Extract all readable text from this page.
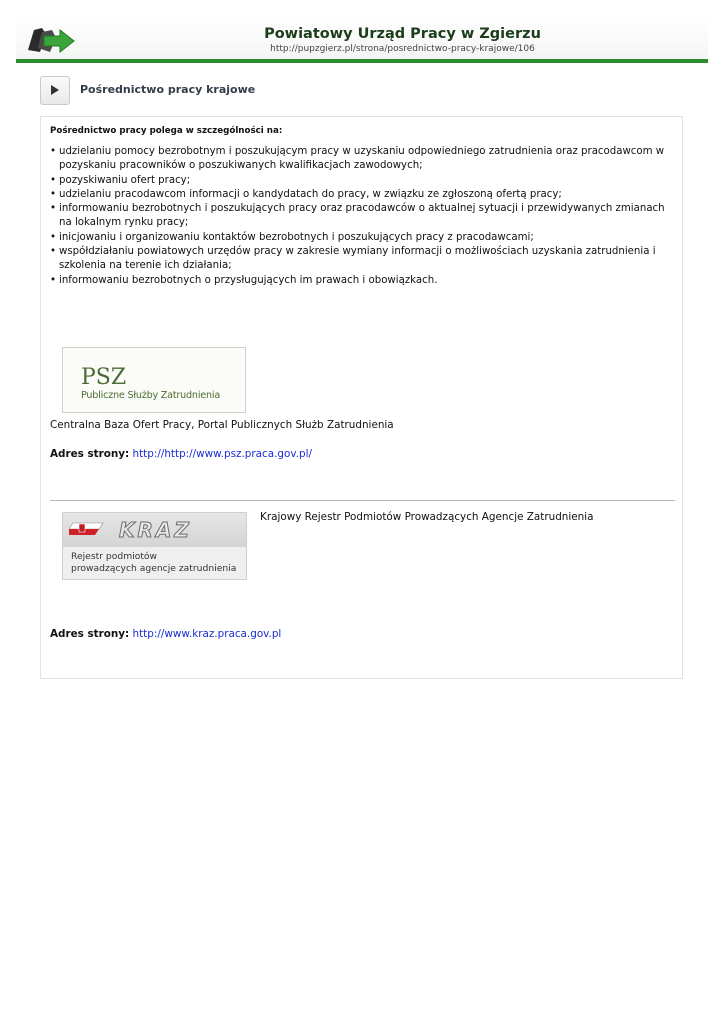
Powiatowy Urząd Pracy w Zgierzu
http://pupzgierz.pl/strona/posrednictwo-pracy-krajowe/106
Pośrednictwo pracy krajowe
Pośrednictwo pracy polega w szczególności na:
• udzielaniu pomocy bezrobotnym i poszukującym pracy w uzyskaniu odpowiedniego zatrudnienia oraz pracodawcom w pozyskaniu pracowników o poszukiwanych kwalifikacjach zawodowych;
• pozyskiwaniu ofert pracy;
• udzielaniu pracodawcom informacji o kandydatach do pracy, w związku ze zgłoszoną ofertą pracy;
• informowaniu bezrobotnych i poszukujących pracy oraz pracodawców o aktualnej sytuacji i przewidywanych zmianach na lokalnym rynku pracy;
• inicjowaniu i organizowaniu kontaktów bezrobotnych i poszukujących pracy z pracodawcami;
• współdziałaniu powiatowych urzędów pracy w zakresie wymiany informacji o możliwościach uzyskania zatrudnienia i szkolenia na terenie ich działania;
• informowaniu bezrobotnych o przysługujących im prawach i obowiązkach.
PSZ
Publiczne Służby Zatrudnienia
Centralna Baza Ofert Pracy, Portal Publicznych Służb Zatrudnienia
Adres strony: http://http://www.psz.praca.gov.pl/
KRAZ
Rejestr podmiotów
prowadzących agencje zatrudnienia
Krajowy Rejestr Podmiotów Prowadzących Agencje Zatrudnienia
Adres strony: http://www.kraz.praca.gov.pl
